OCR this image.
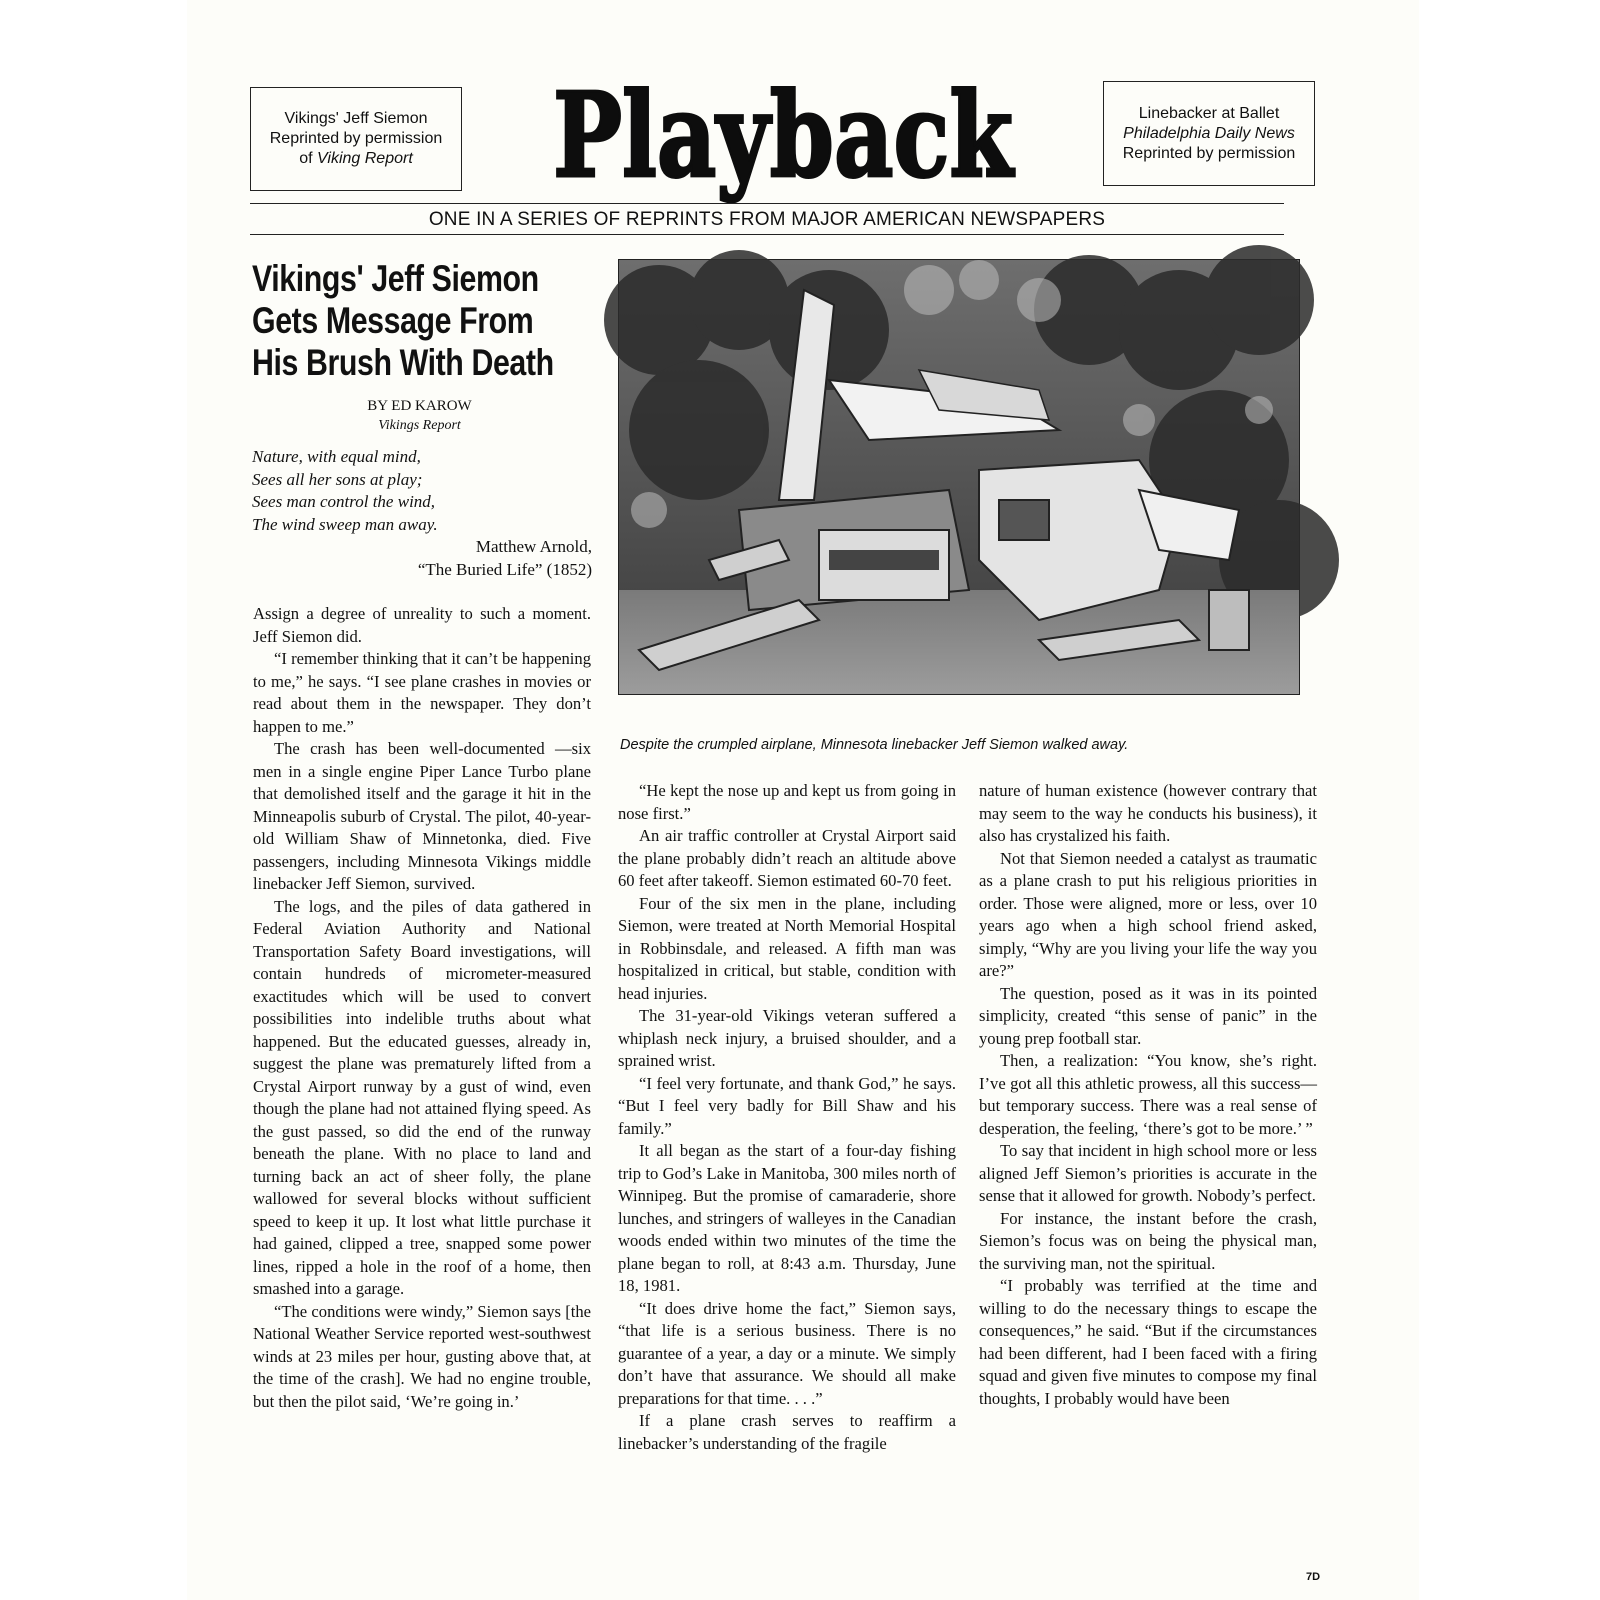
Vikings' Jeff Siemon
Reprinted by permission
of Viking Report	Playback	Linebacker at Ballet
Philadelphia Daily News
Reprinted by permission
ONE IN A SERIES OF REPRINTS FROM MAJOR AMERICAN NEWSPAPERS
Vikings' Jeff Siemon
Gets Message From
His Brush With Death
BY ED KAROW
Vikings Report
Nature, with equal mind,
Sees all her sons at play;
Sees man control the wind,
The wind sweep man away.
Matthew Arnold,
“The Buried Life” (1852)
Despite the crumpled airplane, Minnesota linebacker Jeff Siemon walked away.

Assign a degree of unreality to such a moment. Jeff Siemon did.

“I remember thinking that it can’t be happening to me,” he says. “I see plane crashes in movies or read about them in the newspaper. They don’t happen to me.”

The crash has been well-documented —six men in a single engine Piper Lance Turbo plane that demolished itself and the garage it hit in the Minneapolis suburb of Crystal. The pilot, 40-year-old William Shaw of Minnetonka, died. Five passengers, including Minnesota Vikings middle linebacker Jeff Siemon, survived.

The logs, and the piles of data gathered in Federal Aviation Authority and National Transportation Safety Board investigations, will contain hundreds of micrometer-measured exactitudes which will be used to convert possibilities into indelible truths about what happened. But the educated guesses, already in, suggest the plane was prematurely lifted from a Crystal Airport runway by a gust of wind, even though the plane had not attained flying speed. As the gust passed, so did the end of the runway beneath the plane. With no place to land and turning back an act of sheer folly, the plane wallowed for several blocks without sufficient speed to keep it up. It lost what little purchase it had gained, clipped a tree, snapped some power lines, ripped a hole in the roof of a home, then smashed into a garage.

“The conditions were windy,” Siemon says [the National Weather Service reported west-southwest winds at 23 miles per hour, gusting above that, at the time of the crash]. We had no engine trouble, but then the pilot said, ‘We’re going in.’

“He kept the nose up and kept us from going in nose first.”

An air traffic controller at Crystal Airport said the plane probably didn’t reach an altitude above 60 feet after takeoff. Siemon estimated 60-70 feet.

Four of the six men in the plane, including Siemon, were treated at North Memorial Hospital in Robbinsdale, and released. A fifth man was hospitalized in critical, but stable, condition with head injuries.

The 31-year-old Vikings veteran suffered a whiplash neck injury, a bruised shoulder, and a sprained wrist.

“I feel very fortunate, and thank God,” he says. “But I feel very badly for Bill Shaw and his family.”

It all began as the start of a four-day fishing trip to God’s Lake in Manitoba, 300 miles north of Winnipeg. But the promise of camaraderie, shore lunches, and stringers of walleyes in the Canadian woods ended within two minutes of the time the plane began to roll, at 8:43 a.m. Thursday, June 18, 1981.

“It does drive home the fact,” Siemon says, “that life is a serious business. There is no guarantee of a year, a day or a minute. We simply don’t have that assurance. We should all make preparations for that time. . . .”

If a plane crash serves to reaffirm a linebacker’s understanding of the fragile

nature of human existence (however contrary that may seem to the way he conducts his business), it also has crystalized his faith.

Not that Siemon needed a catalyst as traumatic as a plane crash to put his religious priorities in order. Those were aligned, more or less, over 10 years ago when a high school friend asked, simply, “Why are you living your life the way you are?”

The question, posed as it was in its pointed simplicity, created “this sense of panic” in the young prep football star.

Then, a realization: “You know, she’s right. I’ve got all this athletic prowess, all this success—but temporary success. There was a real sense of desperation, the feeling, ‘there’s got to be more.’ ”

To say that incident in high school more or less aligned Jeff Siemon’s priorities is accurate in the sense that it allowed for growth. Nobody’s perfect.

For instance, the instant before the crash, Siemon’s focus was on being the physical man, the surviving man, not the spiritual.

“I probably was terrified at the time and willing to do the necessary things to escape the consequences,” he said. “But if the circumstances had been different, had I been faced with a firing squad and given five minutes to compose my final thoughts, I probably would have been

7D
